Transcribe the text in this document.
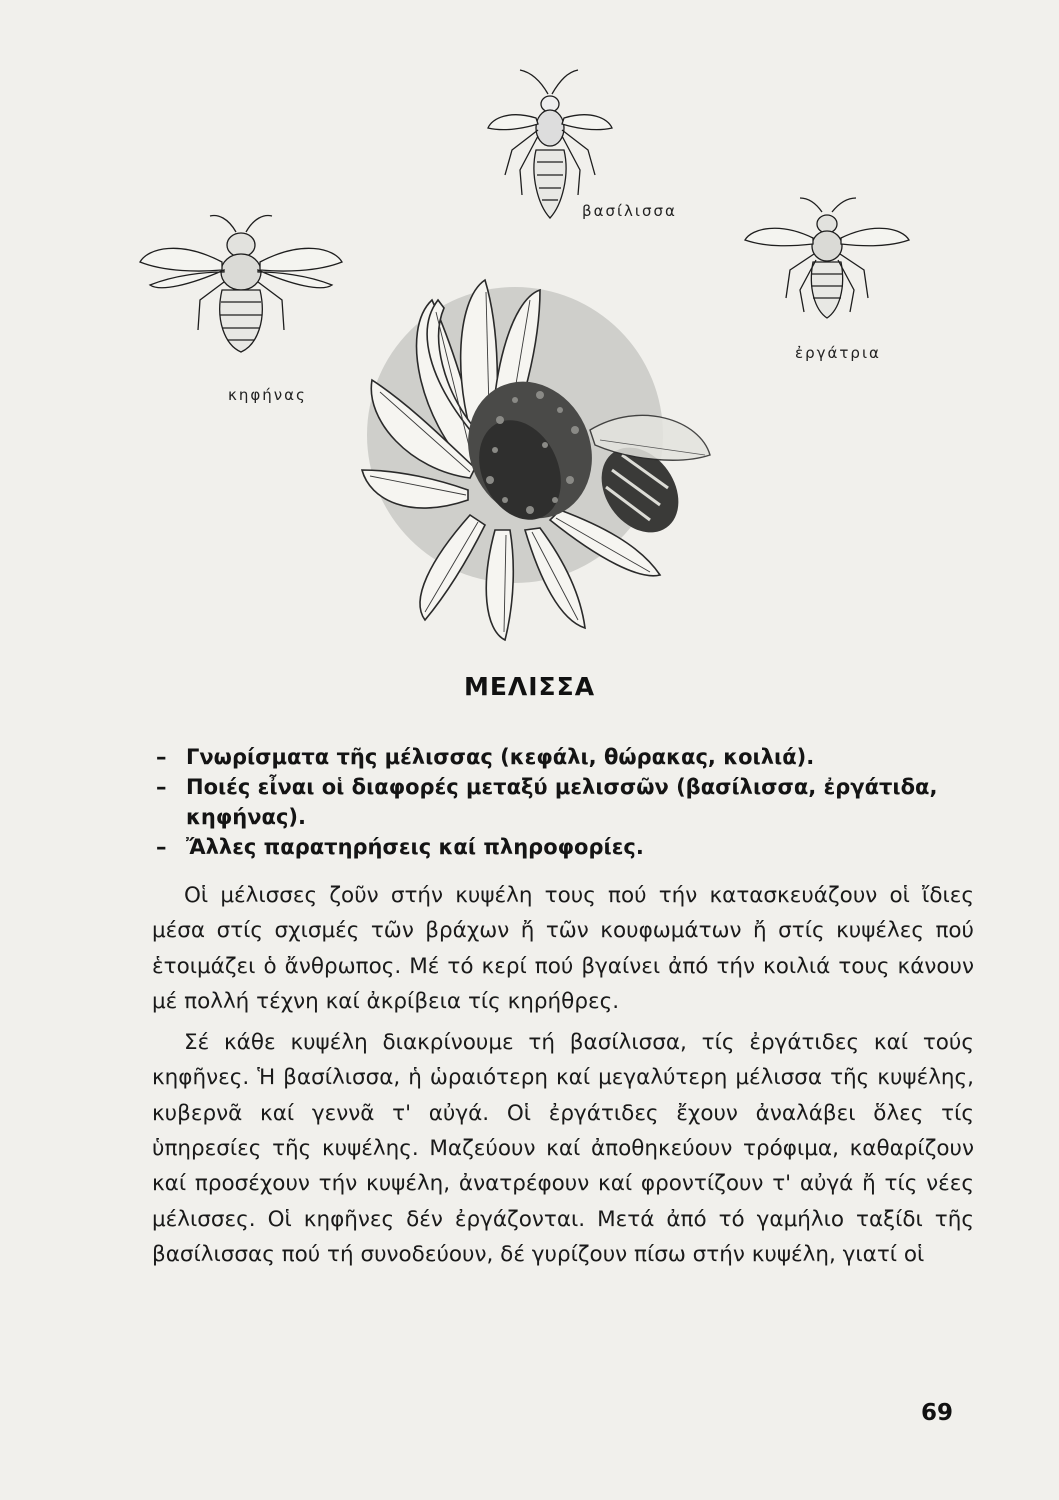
βασίλισσα
κηφήνας
ἐργάτρια
ΜΕΛΙΣΣΑ
– Γνωρίσματα τῆς μέλισσας (κεφάλι, θώρακας, κοιλιά).
– Ποιές εἶναι οἱ διαφορές μεταξύ μελισσῶν (βασίλισσα, ἐργάτιδα, κηφήνας).
– Ἄλλες παρατηρήσεις καί πληροφορίες.

Οἱ μέλισσες ζοῦν στήν κυψέλη τους πού τήν κατασκευάζουν οἱ ἴδιες μέσα στίς σχισμές τῶν βράχων ἤ τῶν κουφωμάτων ἤ στίς κυψέλες πού ἑτοιμάζει ὁ ἄνθρωπος. Μέ τό κερί πού βγαίνει ἀπό τήν κοιλιά τους κάνουν μέ πολλή τέχνη καί ἀκρίβεια τίς κηρήθρες.

Σέ κάθε κυψέλη διακρίνουμε τή βασίλισσα, τίς ἐργάτιδες καί τούς κηφῆνες. Ἡ βασίλισσα, ἡ ὡραιότερη καί μεγαλύτερη μέλισσα τῆς κυψέλης, κυβερνᾶ καί γεννᾶ τ' αὐγά. Οἱ ἐργάτιδες ἔχουν ἀναλάβει ὅλες τίς ὑπηρεσίες τῆς κυψέλης. Μαζεύουν καί ἀποθηκεύουν τρόφιμα, καθαρίζουν καί προσέχουν τήν κυψέλη, ἀνατρέφουν καί φροντίζουν τ' αὐγά ἤ τίς νέες μέλισσες. Οἱ κηφῆνες δέν ἐργάζονται. Μετά ἀπό τό γαμήλιο ταξίδι τῆς βασίλισσας πού τή συνοδεύουν, δέ γυρίζουν πίσω στήν κυψέλη, γιατί οἱ

69
